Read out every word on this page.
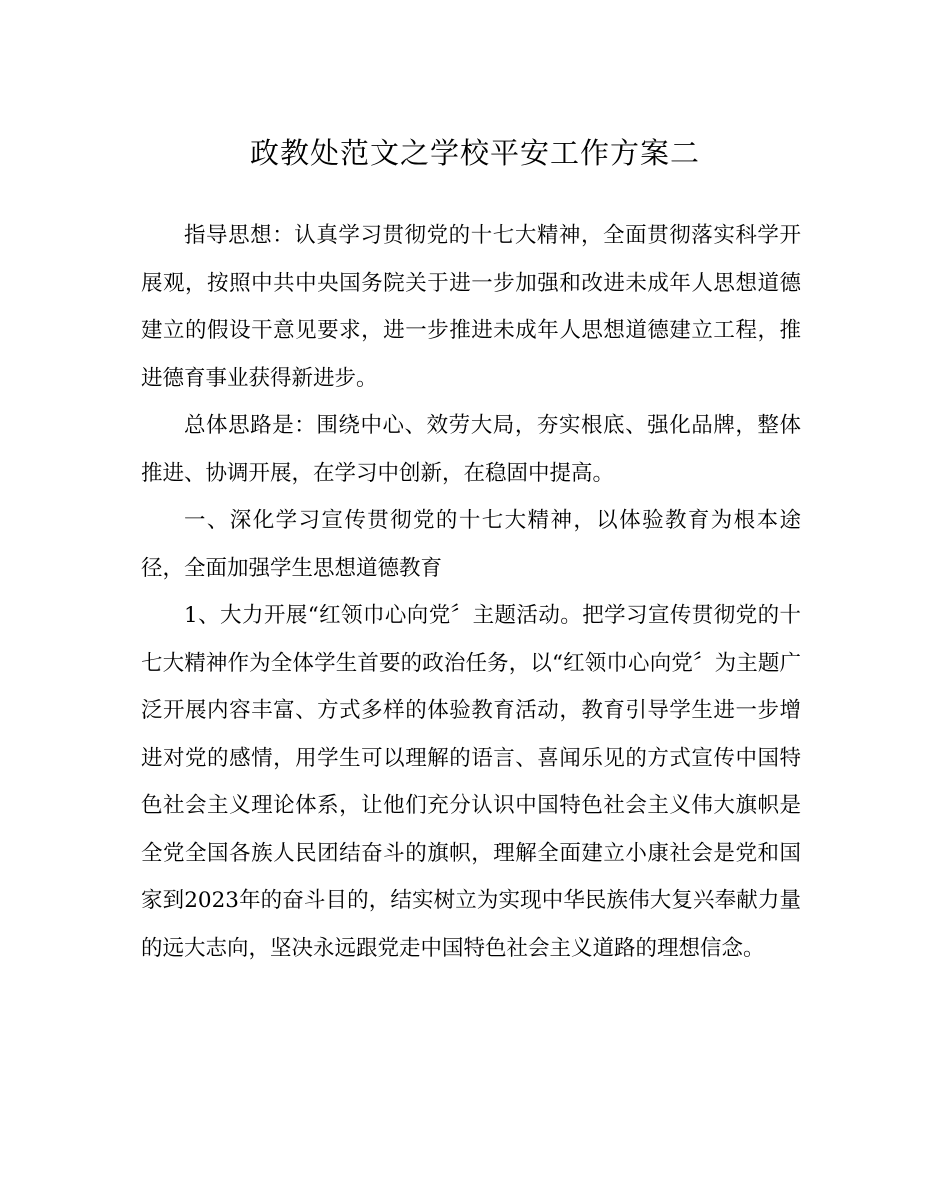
政教处范文之学校平安工作方案二

指导思想：认真学习贯彻党的十七大精神，全面贯彻落实科学开展观，按照中共中央国务院关于进一步加强和改进未成年人思想道德建立的假设干意见要求，进一步推进未成年人思想道德建立工程，推进德育事业获得新进步。

总体思路是：围绕中心、效劳大局，夯实根底、强化品牌，整体推进、协调开展，在学习中创新，在稳固中提高。

一、深化学习宣传贯彻党的十七大精神，以体验教育为根本途径，全面加强学生思想道德教育

1、大力开展“红领巾心向党〞主题活动。把学习宣传贯彻党的十七大精神作为全体学生首要的政治任务，以“红领巾心向党〞为主题广泛开展内容丰富、方式多样的体验教育活动，教育引导学生进一步增进对党的感情，用学生可以理解的语言、喜闻乐见的方式宣传中国特色社会主义理论体系，让他们充分认识中国特色社会主义伟大旗帜是全党全国各族人民团结奋斗的旗帜，理解全面建立小康社会是党和国家到2023年的奋斗目的，结实树立为实现中华民族伟大复兴奉献力量的远大志向，坚决永远跟党走中国特色社会主义道路的理想信念。
